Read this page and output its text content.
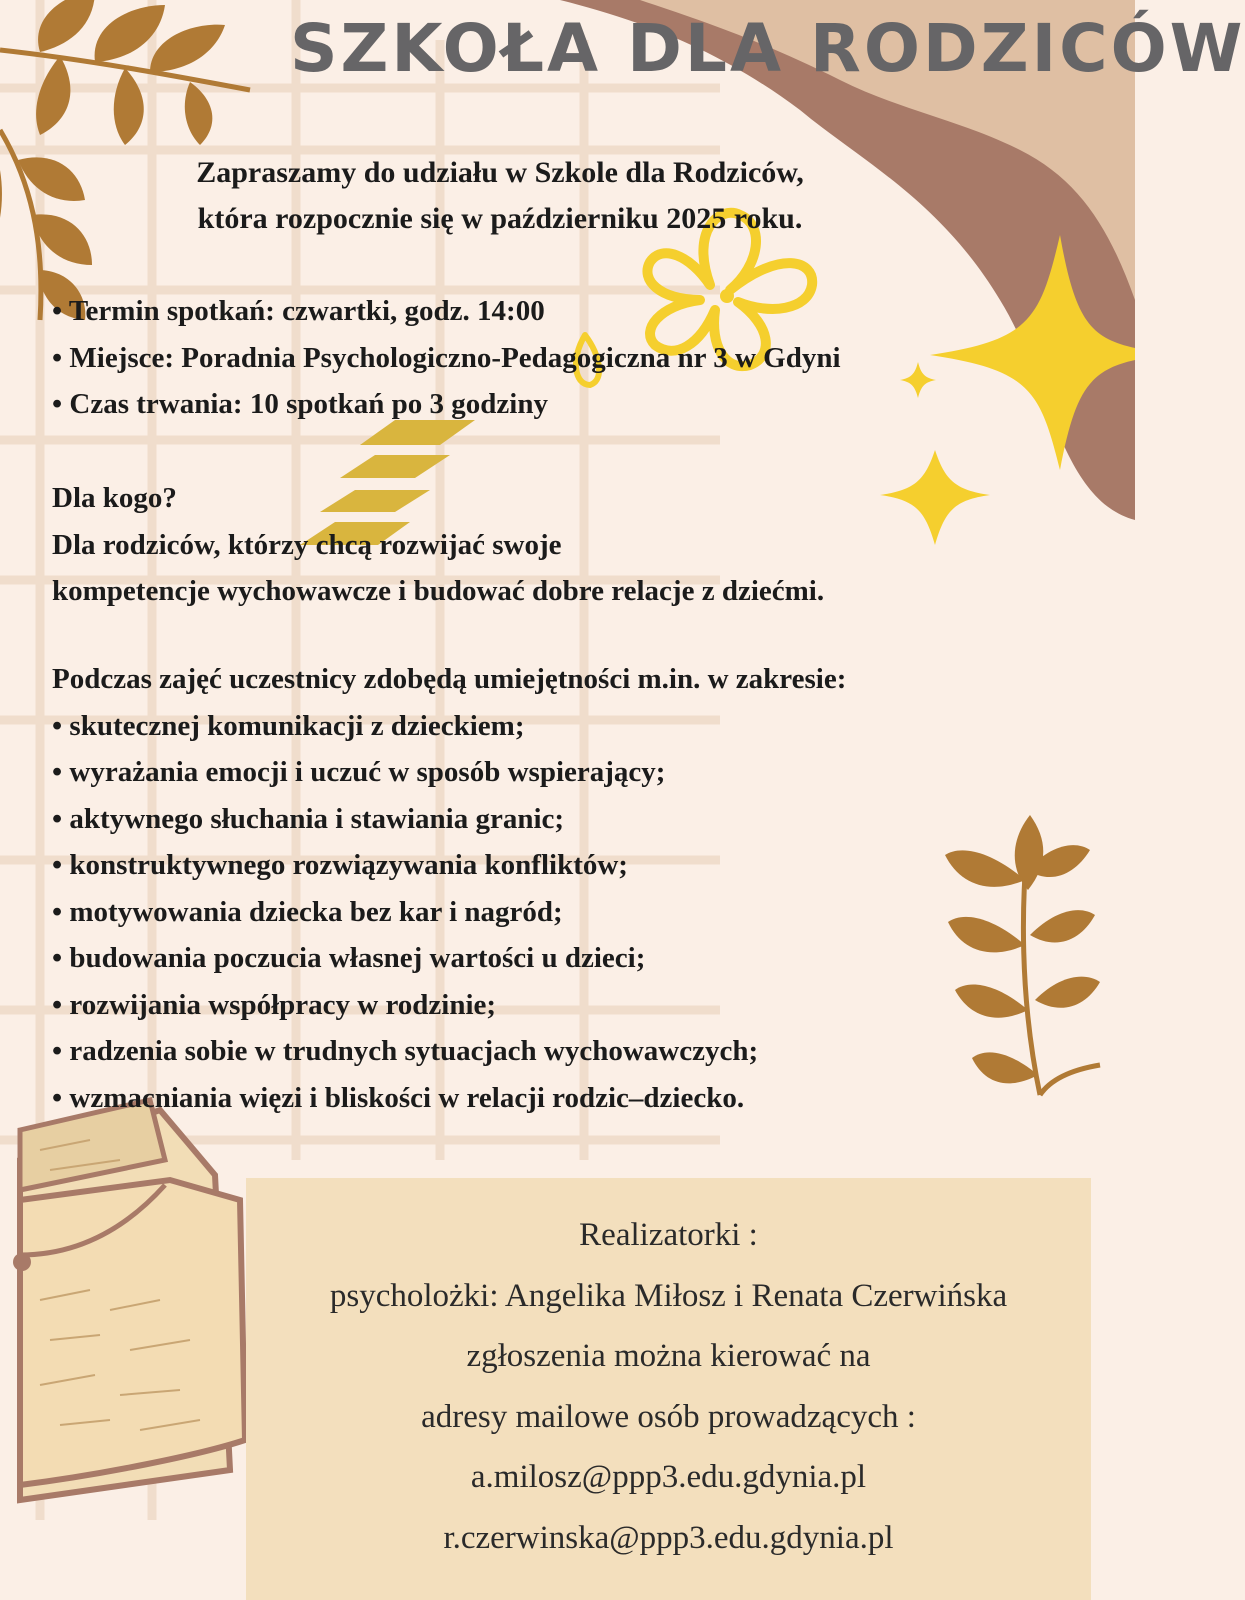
SZKOŁA DLA RODZICÓW
Zapraszamy do udziału w Szkole dla Rodziców,
która rozpocznie się w październiku 2025 roku.
• Termin spotkań: czwartki, godz. 14:00
• Miejsce: Poradnia Psychologiczno-Pedagogiczna nr 3 w Gdyni
• Czas trwania: 10 spotkań po 3 godziny
Dla kogo?
Dla rodziców, którzy chcą rozwijać swoje
kompetencje wychowawcze i budować dobre relacje z dziećmi.
Podczas zajęć uczestnicy zdobędą umiejętności m.in. w zakresie:
• skutecznej komunikacji z dzieckiem;
• wyrażania emocji i uczuć w sposób wspierający;
• aktywnego słuchania i stawiania granic;
• konstruktywnego rozwiązywania konfliktów;
• motywowania dziecka bez kar i nagród;
• budowania poczucia własnej wartości u dzieci;
• rozwijania współpracy w rodzinie;
• radzenia sobie w trudnych sytuacjach wychowawczych;
• wzmacniania więzi i bliskości w relacji rodzic–dziecko.
Realizatorki :
psycholożki: Angelika Miłosz i Renata Czerwińska
zgłoszenia można kierować na
adresy mailowe osób prowadzących :
a.milosz@ppp3.edu.gdynia.pl
r.czerwinska@ppp3.edu.gdynia.pl
